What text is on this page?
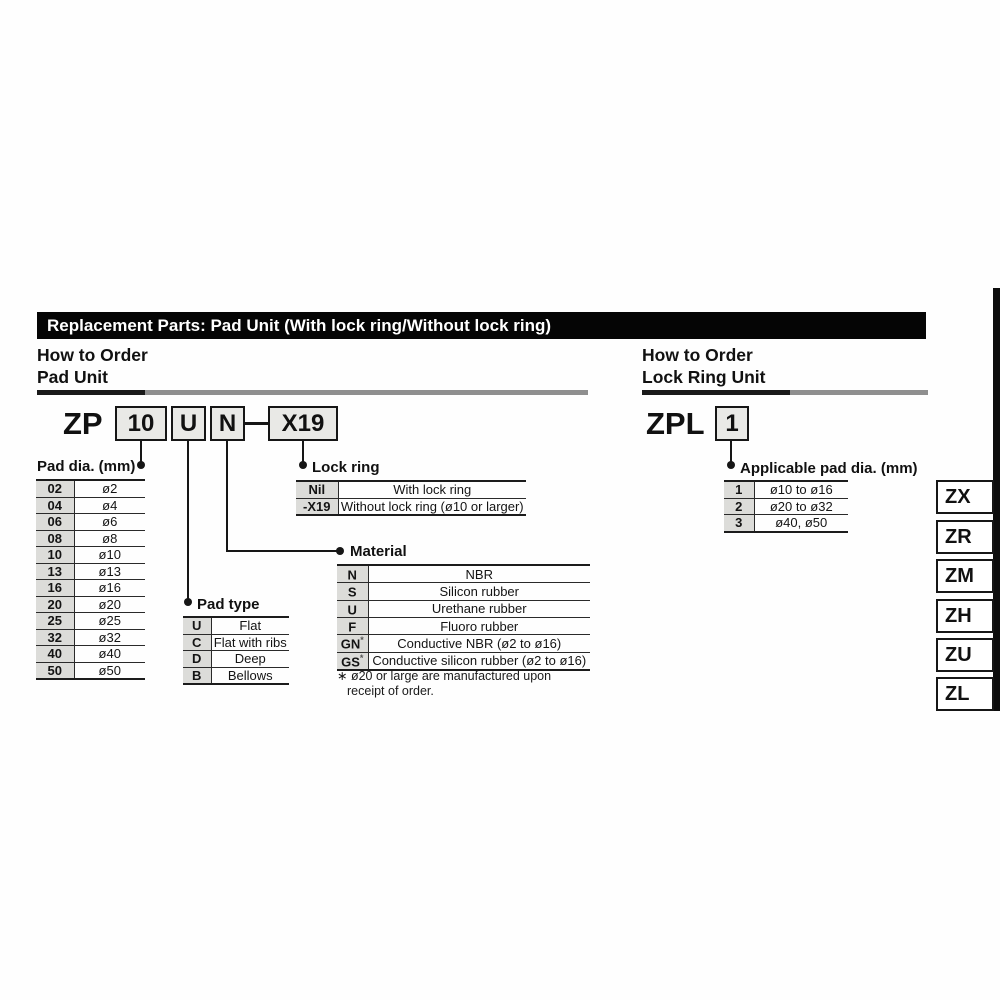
Replacement Parts: Pad Unit (With lock ring/Without lock ring)
How to Order
Pad Unit
How to Order
Lock Ring Unit
ZP	10	U N	X19	ZPL 1
Pad dia. (mm)
02	ø2
04	ø4
06	ø6
08	ø8
10	ø10
13	ø13
16	ø16
20	ø20
25	ø25
32	ø32
40	ø40
50	ø50
Lock ring
Nil	With lock ring
-X19	Without lock ring (ø10 or larger)
Material
N	NBR
S	Silicon rubber
U	Urethane rubber
F	Fluoro rubber
GN*	Conductive NBR (ø2 to ø16)
GS*	Conductive silicon rubber (ø2 to ø16)
∗ ø20 or large are manufactured upon
receipt of order.
Pad type
U	Flat
C	Flat with ribs
D	Deep
B	Bellows
Applicable pad dia. (mm)
1	ø10 to ø16
2	ø20 to ø32
3	ø40, ø50
ZX
ZR
ZM
ZH
ZU
ZL
